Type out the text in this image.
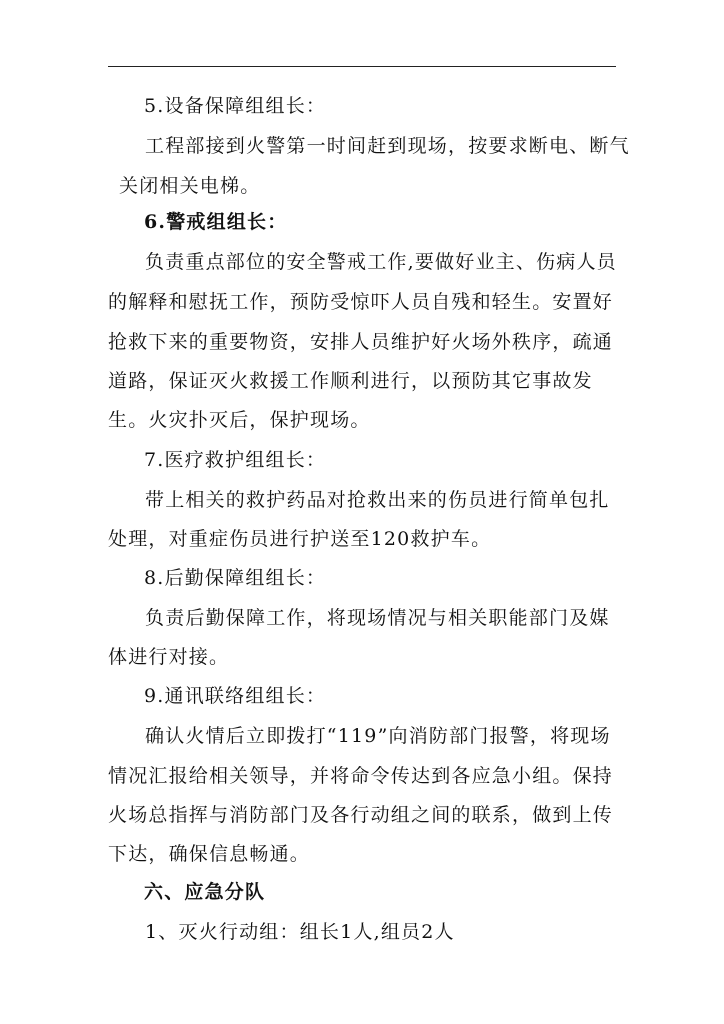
5.设备保障组组长：
工程部接到火警第一时间赶到现场，按要求断电、断气
关闭相关电梯。
6.警戒组组长：
负责重点部位的安全警戒工作,要做好业主、伤病人员
的解释和慰抚工作，预防受惊吓人员自残和轻生。安置好
抢救下来的重要物资，安排人员维护好火场外秩序，疏通
道路，保证灭火救援工作顺利进行，以预防其它事故发
生。火灾扑灭后，保护现场。
7.医疗救护组组长：
带上相关的救护药品对抢救出来的伤员进行简单包扎
处理，对重症伤员进行护送至120救护车。
8.后勤保障组组长：
负责后勤保障工作，将现场情况与相关职能部门及媒
体进行对接。
9.通讯联络组组长：
确认火情后立即拨打“119”向消防部门报警，将现场
情况汇报给相关领导，并将命令传达到各应急小组。保持
火场总指挥与消防部门及各行动组之间的联系，做到上传
下达，确保信息畅通。
六、应急分队
1、灭火行动组：组长1人,组员2人
